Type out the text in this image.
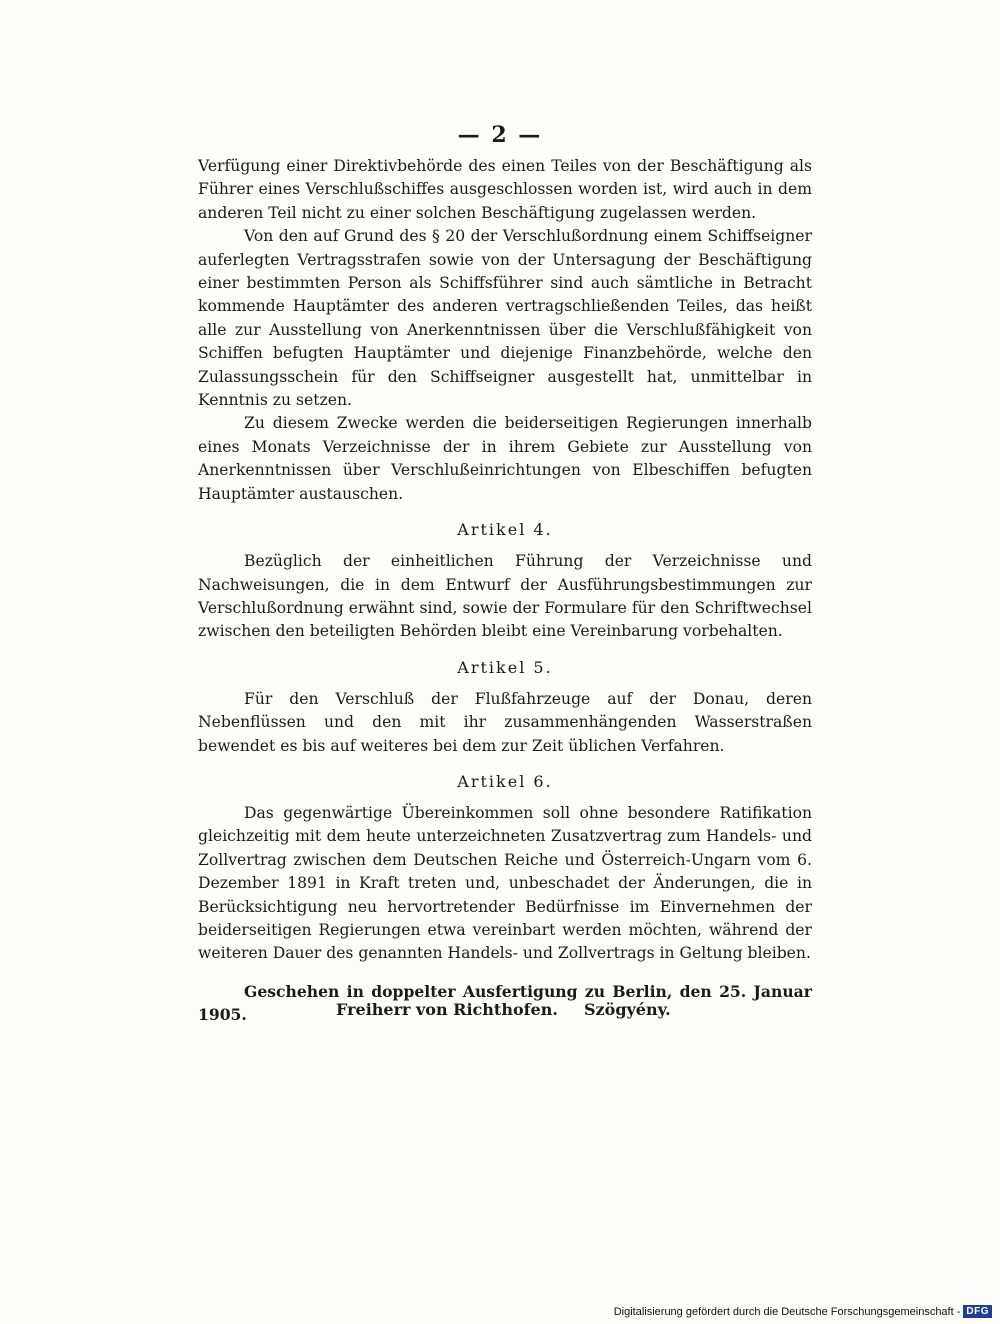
— 2 —

Verfügung einer Direktivbehörde des einen Teiles von der Beschäftigung als Führer eines Verschlußschiffes ausgeschlossen worden ist, wird auch in dem anderen Teil nicht zu einer solchen Beschäftigung zugelassen werden.

Von den auf Grund des § 20 der Verschlußordnung einem Schiffseigner auferlegten Vertragsstrafen sowie von der Untersagung der Beschäftigung einer bestimmten Person als Schiffsführer sind auch sämtliche in Betracht kommende Hauptämter des anderen vertragschließenden Teiles, das heißt alle zur Ausstellung von Anerkenntnissen über die Verschlußfähigkeit von Schiffen befugten Hauptämter und diejenige Finanzbehörde, welche den Zulassungsschein für den Schiffseigner ausgestellt hat, unmittelbar in Kenntnis zu setzen.

Zu diesem Zwecke werden die beiderseitigen Regierungen innerhalb eines Monats Verzeichnisse der in ihrem Gebiete zur Ausstellung von Anerkenntnissen über Verschlußeinrichtungen von Elbeschiffen befugten Hauptämter austauschen.

Artikel 4.

Bezüglich der einheitlichen Führung der Verzeichnisse und Nachweisungen, die in dem Entwurf der Ausführungsbestimmungen zur Verschlußordnung erwähnt sind, sowie der Formulare für den Schriftwechsel zwischen den beteiligten Behörden bleibt eine Vereinbarung vorbehalten.

Artikel 5.

Für den Verschluß der Flußfahrzeuge auf der Donau, deren Nebenflüssen und den mit ihr zusammenhängenden Wasserstraßen bewendet es bis auf weiteres bei dem zur Zeit üblichen Verfahren.

Artikel 6.

Das gegenwärtige Übereinkommen soll ohne besondere Ratifikation gleichzeitig mit dem heute unterzeichneten Zusatzvertrag zum Handels- und Zollvertrag zwischen dem Deutschen Reiche und Österreich-Ungarn vom 6. Dezember 1891 in Kraft treten und, unbeschadet der Änderungen, die in Berücksichtigung neu hervortretender Bedürfnisse im Einvernehmen der beiderseitigen Regierungen etwa vereinbart werden möchten, während der weiteren Dauer des genannten Handels- und Zollvertrags in Geltung bleiben.

Geschehen in doppelter Ausfertigung zu Berlin, den 25. Januar 1905.	Freiherr von Richthofen. Szögyény.
Digitalisierung gefördert durch die Deutsche Forschungsgemeinschaft - DFG
